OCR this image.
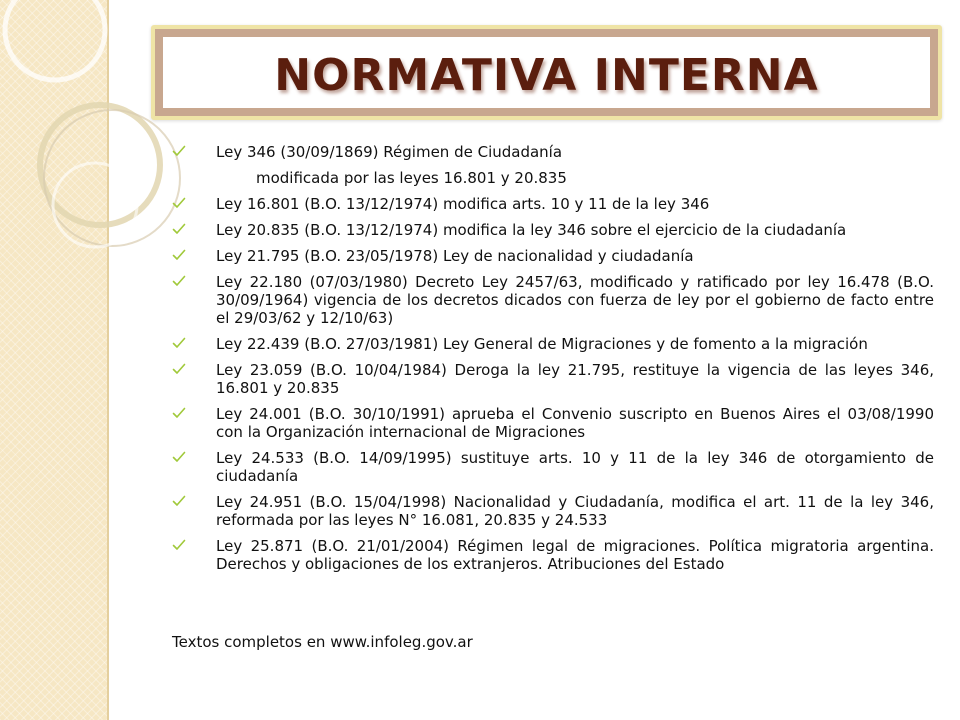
NORMATIVA INTERNA
Ley 346 (30/09/1869) Régimen de Ciudadanía
modificada por las leyes 16.801 y 20.835
Ley 16.801 (B.O. 13/12/1974) modifica arts. 10 y 11 de la ley 346
Ley 20.835 (B.O. 13/12/1974) modifica la ley 346 sobre el ejercicio de la ciudadanía
Ley 21.795 (B.O. 23/05/1978) Ley de nacionalidad y ciudadanía
Ley 22.180 (07/03/1980) Decreto Ley 2457/63, modificado y ratificado por ley 16.478 (B.O. 30/09/1964) vigencia de los decretos dicados con fuerza de ley por el gobierno de facto entre el 29/03/62 y 12/10/63)
Ley 22.439 (B.O. 27/03/1981) Ley General de Migraciones y de fomento a la migración
Ley 23.059 (B.O. 10/04/1984) Deroga la ley 21.795, restituye la vigencia de las leyes 346, 16.801 y 20.835
Ley 24.001 (B.O. 30/10/1991) aprueba el Convenio suscripto en Buenos Aires el 03/08/1990 con la Organización internacional de Migraciones
Ley 24.533 (B.O. 14/09/1995) sustituye arts. 10 y 11 de la ley 346 de otorgamiento de ciudadanía
Ley 24.951 (B.O. 15/04/1998) Nacionalidad y Ciudadanía, modifica el art. 11 de la ley 346, reformada por las leyes N° 16.081, 20.835 y 24.533
Ley 25.871 (B.O. 21/01/2004) Régimen legal de migraciones. Política migratoria argentina. Derechos y obligaciones de los extranjeros. Atribuciones del Estado
Textos completos en www.infoleg.gov.ar
